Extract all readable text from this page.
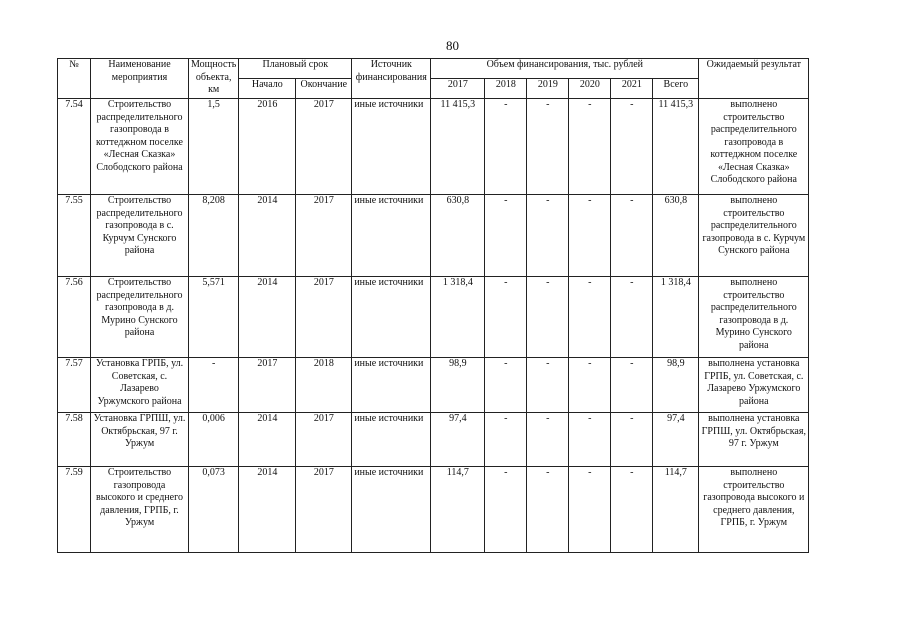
80
№	Наименование мероприятия	Мощность объекта, км	Плановый срок		Источник финансирования	Объем финансирования, тыс. рублей						Ожидаемый результат
			Начало	Окончание		2017	2018	2019	2020	2021	Всего	
7.54	Строительство распределительного газопровода в коттеджном поселке «Лесная Сказка» Слободского района	1,5	2016	2017	иные источники	11 415,3	-	-	-	-	11 415,3	выполнено строительство распределительного газопровода в коттеджном поселке «Лесная Сказка» Слободского района
7.55	Строительство распределительного газопровода в с. Курчум Сунского района	8,208	2014	2017	иные источники	630,8	-	-	-	-	630,8	выполнено строительство распределительного газопровода в с. Курчум Сунского района
7.56	Строительство распределительного газопровода в д. Мурино Сунского района	5,571	2014	2017	иные источники	1 318,4	-	-	-	-	1 318,4	выполнено строительство распределительного газопровода в д. Мурино Сунского района
7.57	Установка ГРПБ, ул. Советская, с. Лазарево Уржумского района	-	2017	2018	иные источники	98,9	-	-	-	-	98,9	выполнена установка ГРПБ, ул. Советская, с. Лазарево Уржумского района
7.58	Установка ГРПШ, ул. Октябрьская, 97 г. Уржум	0,006	2014	2017	иные источники	97,4	-	-	-	-	97,4	выполнена установка ГРПШ, ул. Октябрьская, 97 г. Уржум
7.59	Строительство газопровода высокого и среднего давления, ГРПБ, г. Уржум	0,073	2014	2017	иные источники	114,7	-	-	-	-	114,7	выполнено строительство газопровода высокого и среднего давления, ГРПБ, г. Уржум
